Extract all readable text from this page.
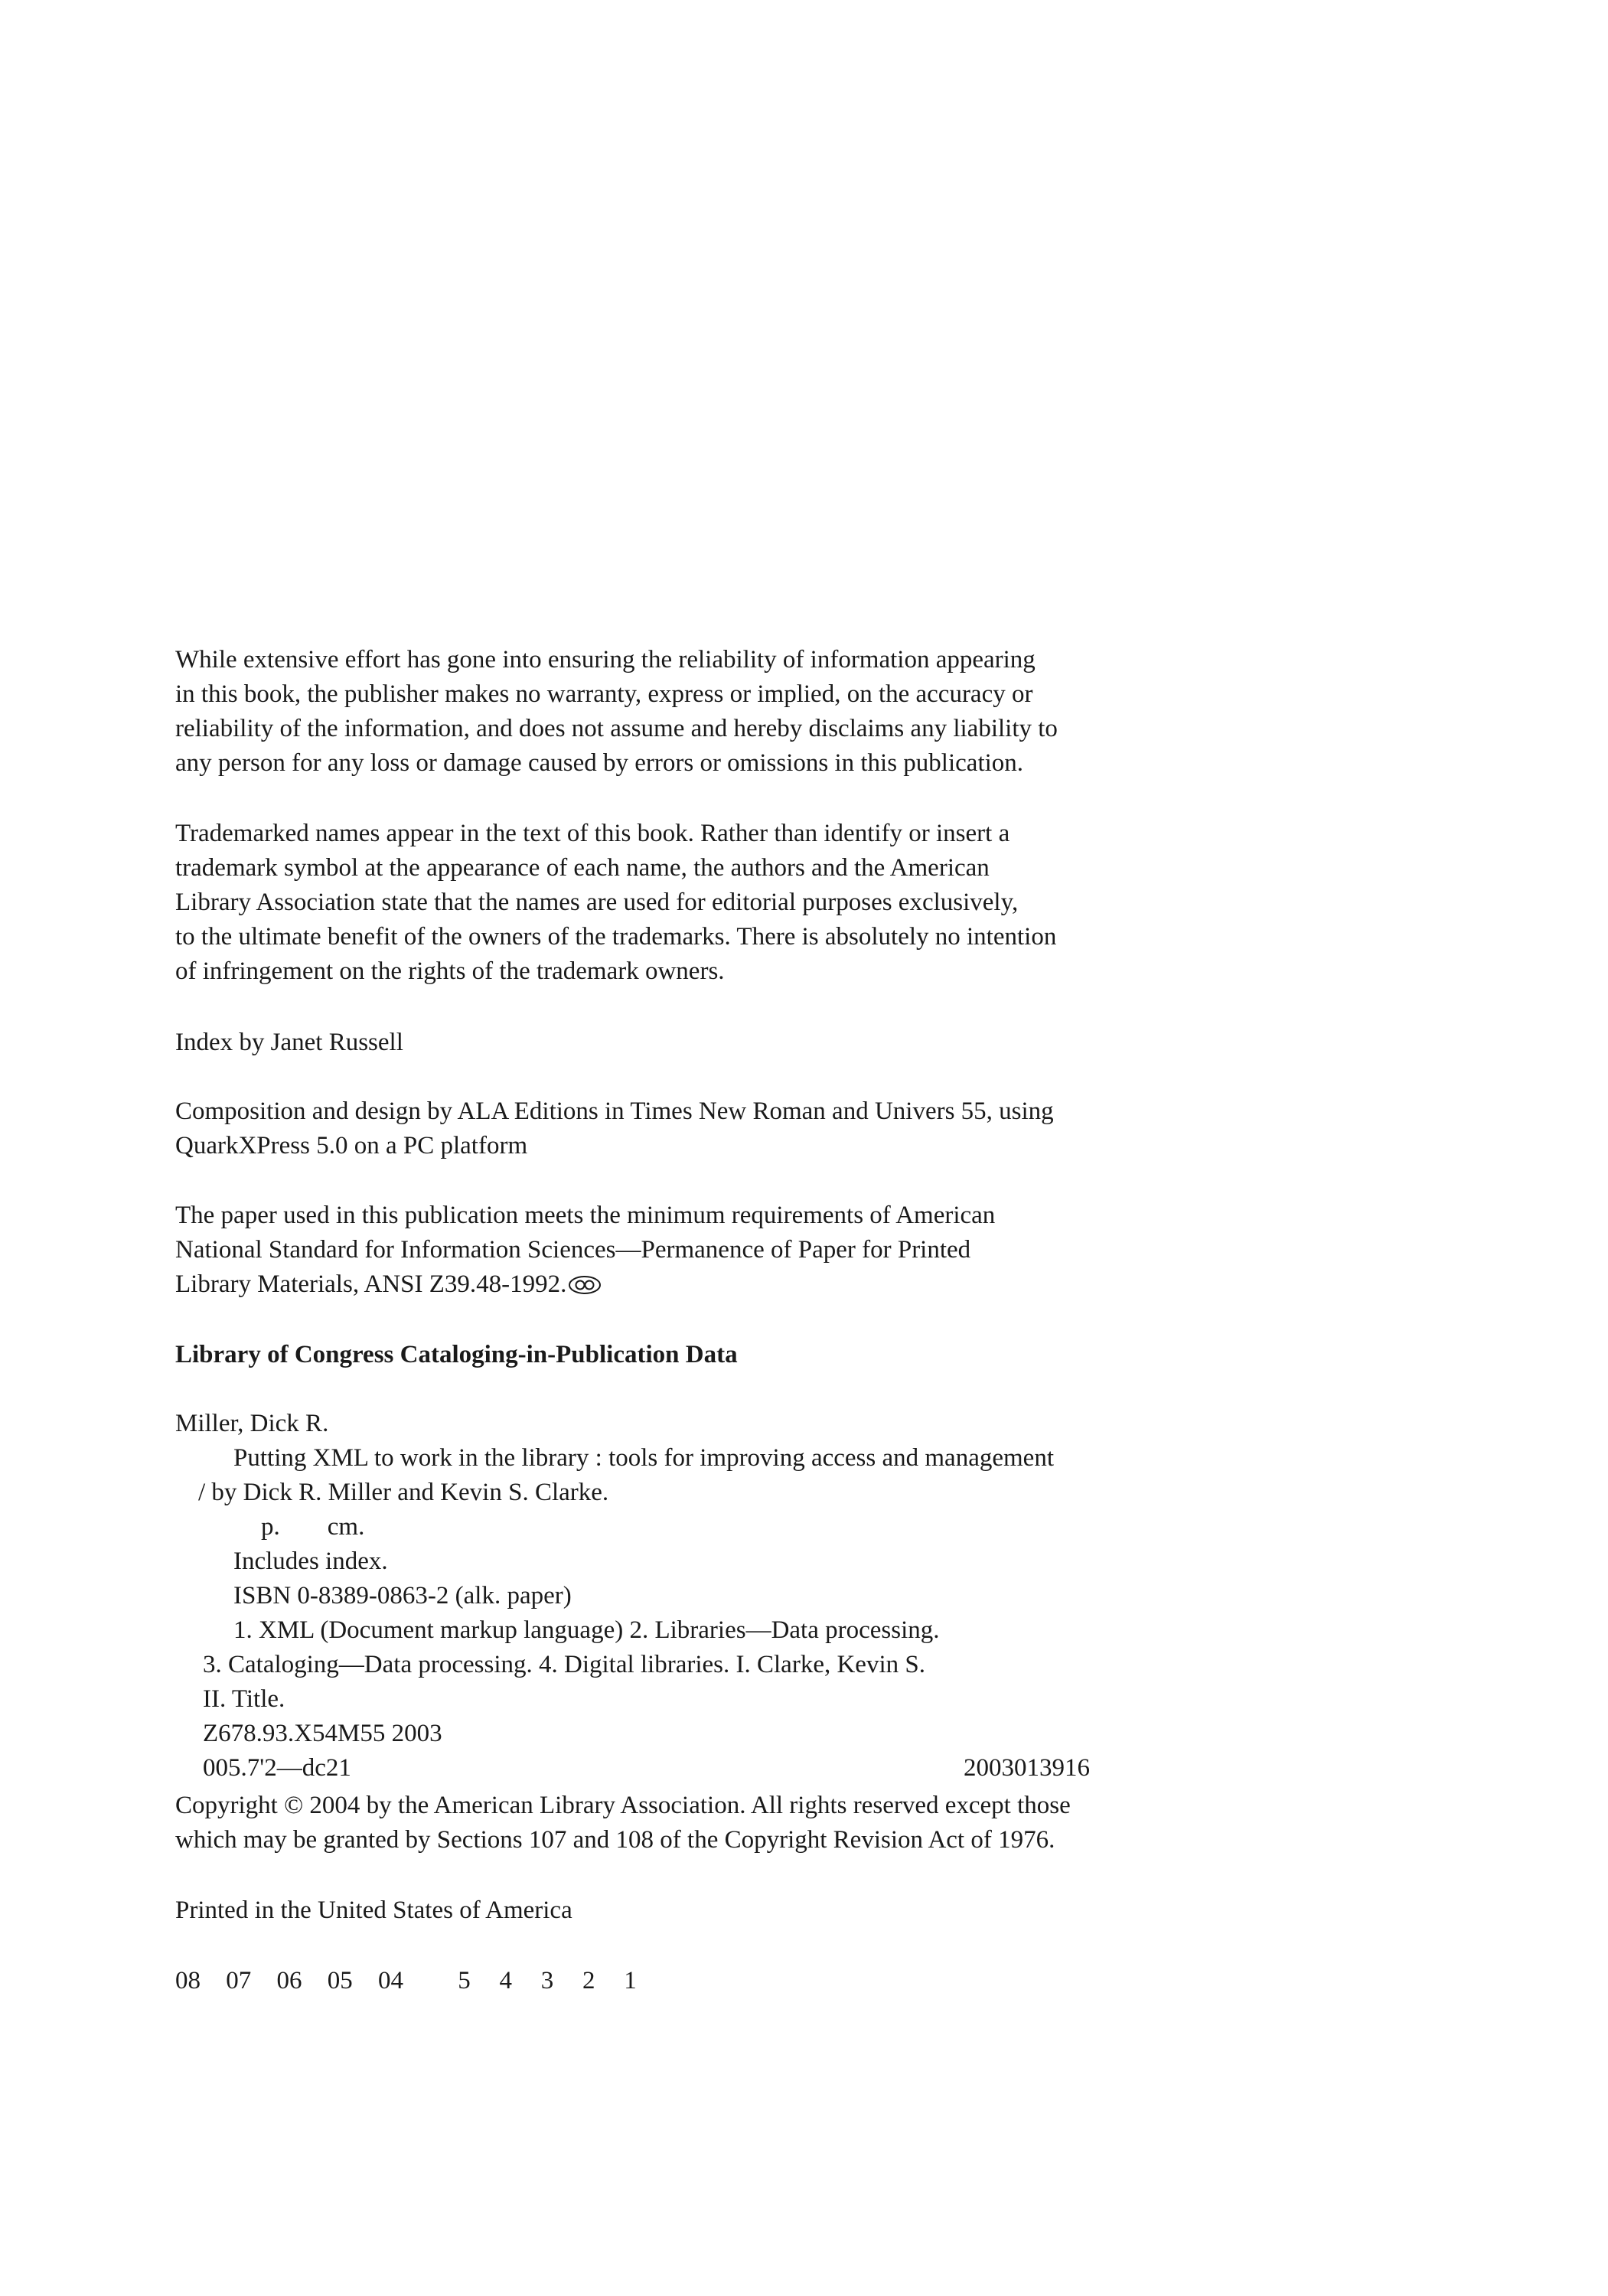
While extensive effort has gone into ensuring the reliability of information appearing
in this book, the publisher makes no warranty, express or implied, on the accuracy or
reliability of the information, and does not assume and hereby disclaims any liability to
any person for any loss or damage caused by errors or omissions in this publication.
Trademarked names appear in the text of this book. Rather than identify or insert a
trademark symbol at the appearance of each name, the authors and the American
Library Association state that the names are used for editorial purposes exclusively,
to the ultimate benefit of the owners of the trademarks. There is absolutely no intention
of infringement on the rights of the trademark owners.
Index by Janet Russell
Composition and design by ALA Editions in Times New Roman and Univers 55, using
QuarkXPress 5.0 on a PC platform
The paper used in this publication meets the minimum requirements of American
National Standard for Information Sciences—Permanence of Paper for Printed
Library Materials, ANSI Z39.48-1992.
Library of Congress Cataloging-in-Publication Data
Miller, Dick R.
Putting XML to work in the library : tools for improving access and management
/ by Dick R. Miller and Kevin S. Clarke.
p. cm.
Includes index.
ISBN 0-8389-0863-2 (alk. paper)
1. XML (Document markup language) 2. Libraries—Data processing.
3. Cataloging—Data processing. 4. Digital libraries. I. Clarke, Kevin S.
II. Title.
Z678.93.X54M55 2003
005.7'2—dc21	2003013916
Copyright © 2004 by the American Library Association. All rights reserved except those
which may be granted by Sections 107 and 108 of the Copyright Revision Act of 1976.
Printed in the United States of America
08 07 06 05 04 5 4 3 2 1
